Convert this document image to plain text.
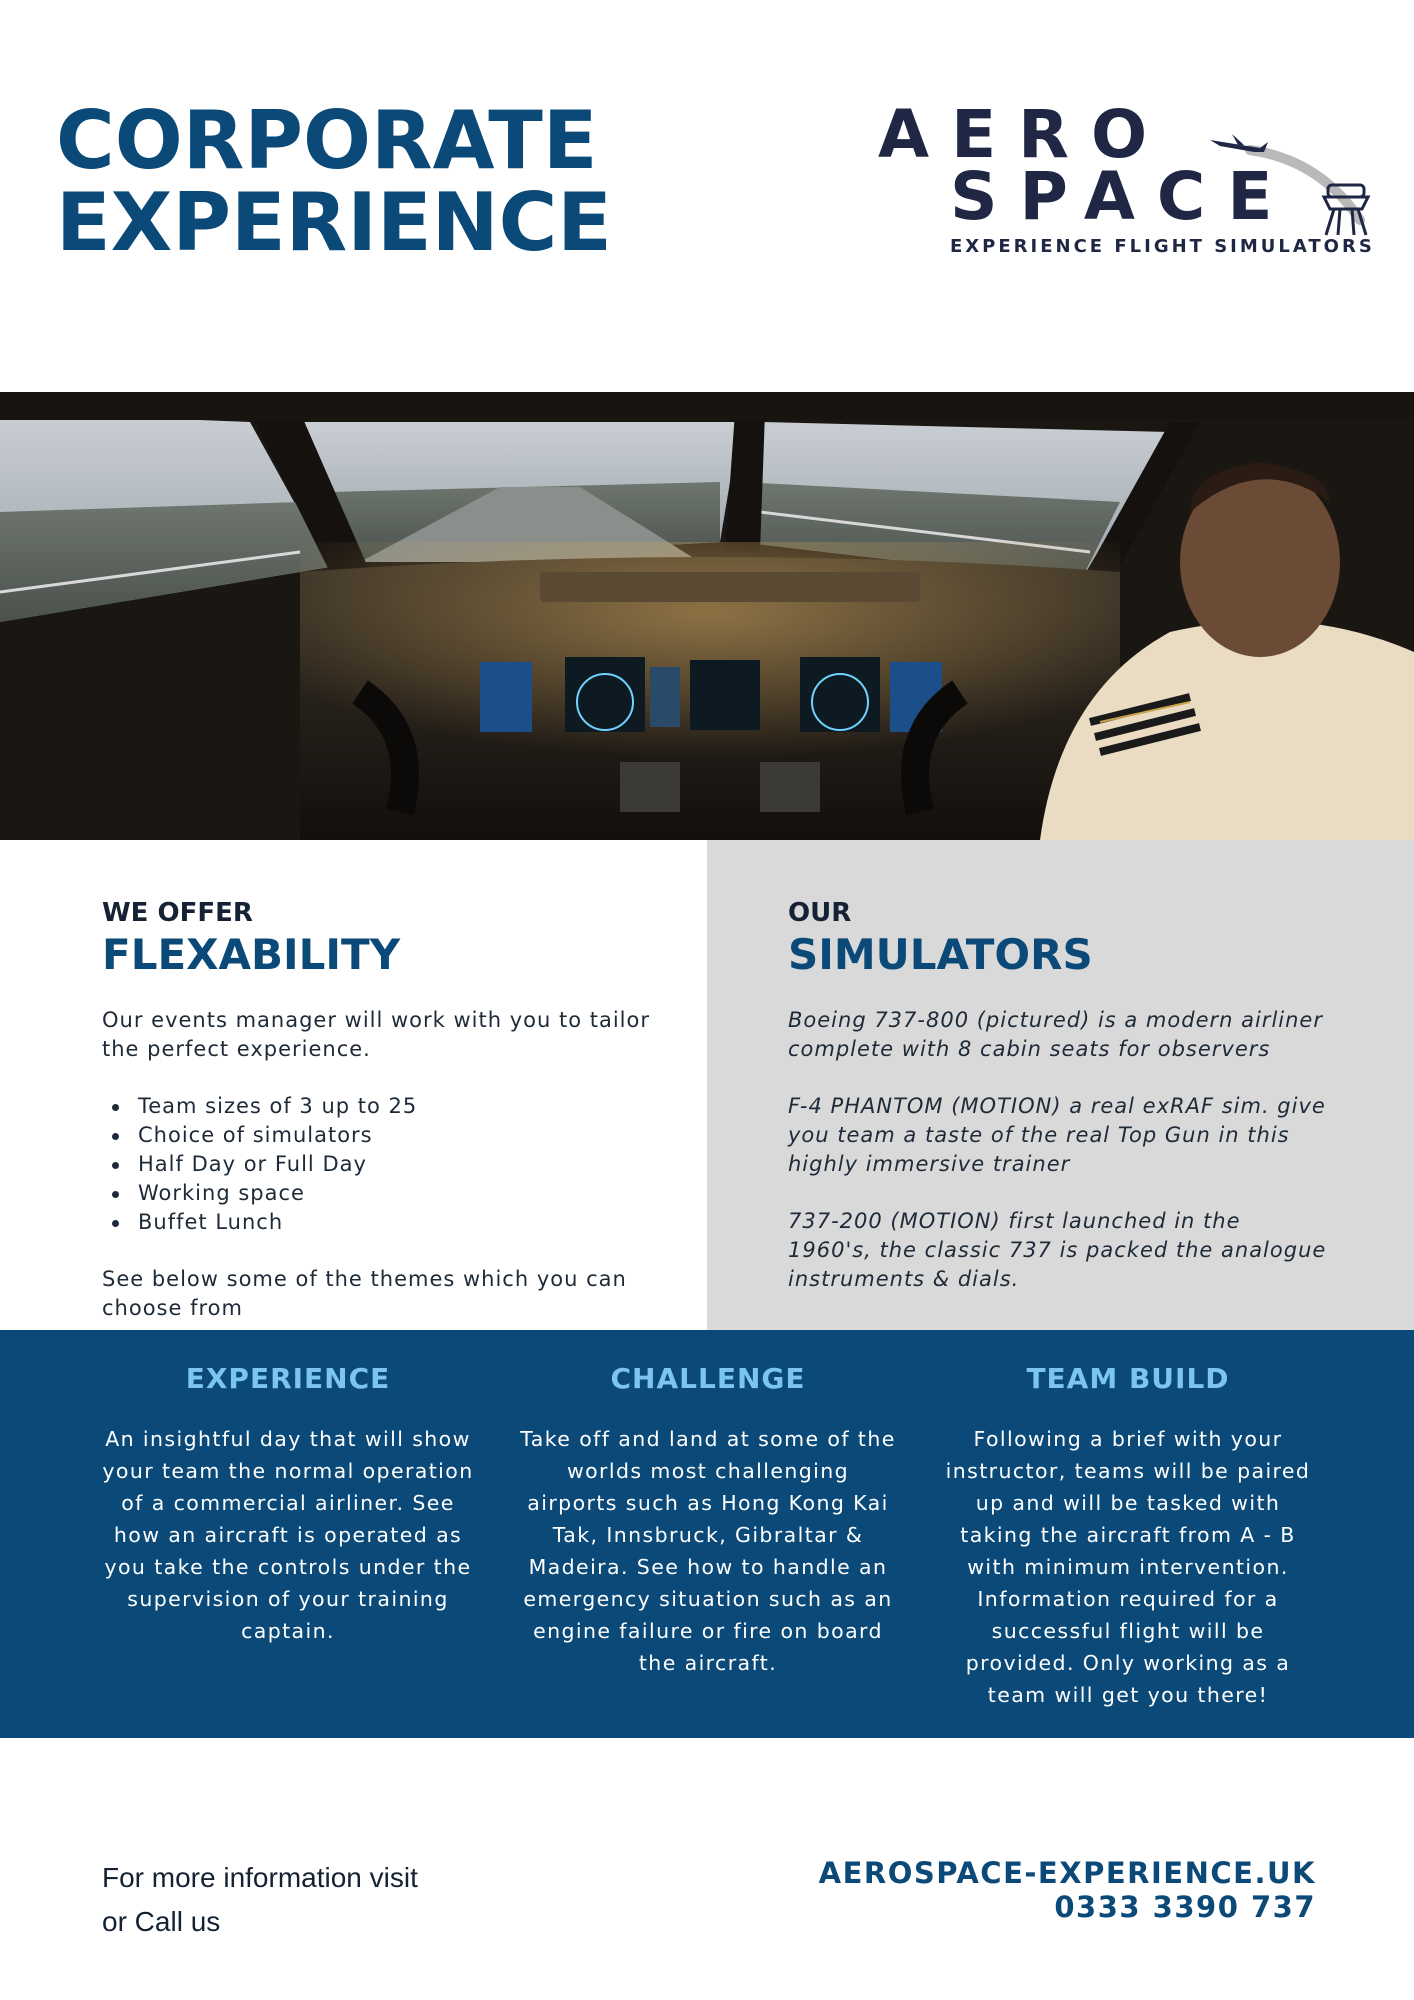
CORPORATE
EXPERIENCE
AERO
SPACE
EXPERIENCE FLIGHT SIMULATORS
WE OFFER
FLEXABILITY
Our events manager will work with you to tailor the perfect experience.
Team sizes of 3 up to 25
Choice of simulators
Half Day or Full Day
Working space
Buffet Lunch
See below some of the themes which you can choose from
OUR
SIMULATORS

Boeing 737-800 (pictured) is a modern airliner complete with 8 cabin seats for observers

F-4 PHANTOM (MOTION) a real exRAF sim. give you team a taste of the real Top Gun in this highly immersive trainer

737-200 (MOTION) first launched in the 1960's, the classic 737 is packed the analogue instruments & dials.

EXPERIENCE

An insightful day that will show your team the normal operation of a commercial airliner. See how an aircraft is operated as you take the controls under the supervision of your training captain.

CHALLENGE

Take off and land at some of the worlds most challenging airports such as Hong Kong Kai Tak, Innsbruck, Gibraltar & Madeira. See how to handle an emergency situation such as an engine failure or fire on board the aircraft.

TEAM BUILD

Following a brief with your instructor, teams will be paired up and will be tasked with taking the aircraft from A - B with minimum intervention. Information required for a successful flight will be provided. Only working as a team will get you there!

For more information visit
or Call us
AEROSPACE-EXPERIENCE.UK
0333 3390 737
